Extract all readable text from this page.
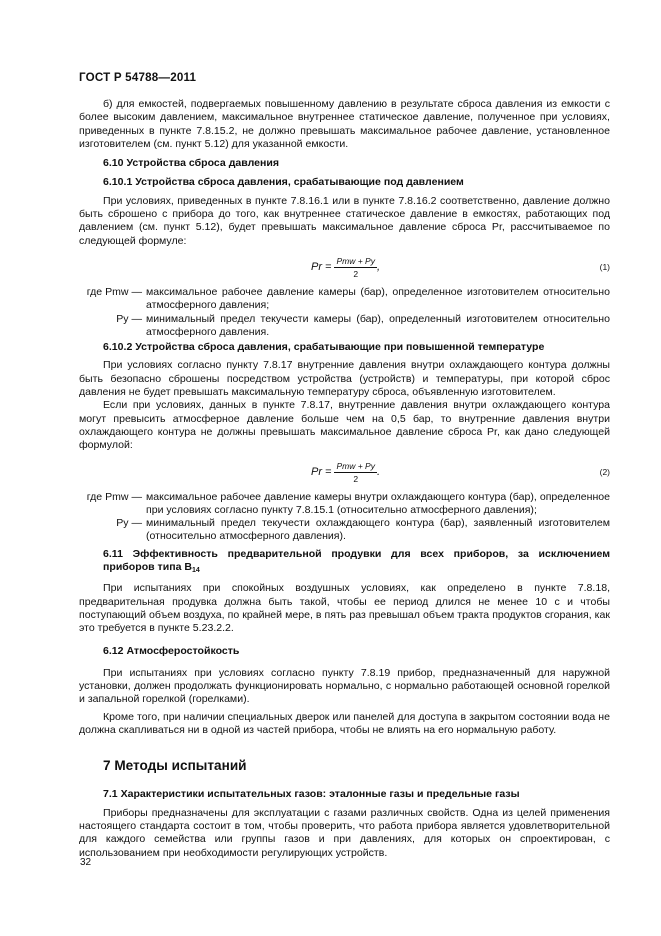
ГОСТ Р 54788—2011

б) для емкостей, подвергаемых повышенному давлению в результате сброса давления из емкости с более высоким давлением, максимальное внутреннее статическое давление, полученное при условиях, приведенных в пункте 7.8.15.2, не должно превышать максимальное рабочее давление, установленное изготовителем (см. пункт 5.12) для указанной емкости.

6.10 Устройства сброса давления

6.10.1 Устройства сброса давления, срабатывающие под давлением

При условиях, приведенных в пункте 7.8.16.1 или в пункте 7.8.16.2 соответственно, давление должно быть сброшено с прибора до того, как внутреннее статическое давление в емкостях, работающих под давлением (см. пункт 5.12), будет превышать максимальное давление сброса Pr, рассчитываемое по следующей формуле:

$Pr = \frac{\text{Pmw + Py}}{2}$ ,	(1)
где Pmw — максимальное рабочее давление камеры (бар), определенное изготовителем относительно атмосферного давления;
Py — минимальный предел текучести камеры (бар), определенный изготовителем относительно атмосферного давления.

6.10.2 Устройства сброса давления, срабатывающие при повышенной температуре

При условиях согласно пункту 7.8.17 внутренние давления внутри охлаждающего контура должны быть безопасно сброшены посредством устройства (устройств) и температуры, при которой сброс давления не будет превышать максимальную температуру сброса, объявленную изготовителем.

Если при условиях, данных в пункте 7.8.17, внутренние давления внутри охлаждающего контура могут превысить атмосферное давление больше чем на 0,5 бар, то внутренние давления внутри охлаждающего контура не должны превышать максимальное давление сброса Pr, как дано следующей формулой:

$Pr = \frac{\text{Pmw + Py}}{2}$ .	(2)
где Pmw — максимальное рабочее давление камеры внутри охлаждающего контура (бар), определенное при условиях согласно пункту 7.8.15.1 (относительно атмосферного давления);
Py — минимальный предел текучести охлаждающего контура (бар), заявленный изготовителем (относительно атмосферного давления).

6.11 Эффективность предварительной продувки для всех приборов, за исключением приборов типа $B_{14}$

При испытаниях при спокойных воздушных условиях, как определено в пункте 7.8.18, предварительная продувка должна быть такой, чтобы ее период длился не менее 10 с и чтобы поступающий объем воздуха, по крайней мере, в пять раз превышал объем тракта продуктов сгорания, как это требуется в пункте 5.23.2.2.

6.12 Атмосферостойкость

При испытаниях при условиях согласно пункту 7.8.19 прибор, предназначенный для наружной установки, должен продолжать функционировать нормально, с нормально работающей основной горелкой и запальной горелкой (горелками).

Кроме того, при наличии специальных дверок или панелей для доступа в закрытом состоянии вода не должна скапливаться ни в одной из частей прибора, чтобы не влиять на его нормальную работу.

7 Методы испытаний

7.1 Характеристики испытательных газов: эталонные газы и предельные газы

Приборы предназначены для эксплуатации с газами различных свойств. Одна из целей применения настоящего стандарта состоит в том, чтобы проверить, что работа прибора является удовлетворительной для каждого семейства или группы газов и при давлениях, для которых он спроектирован, с использованием при необходимости регулирующих устройств.

32
